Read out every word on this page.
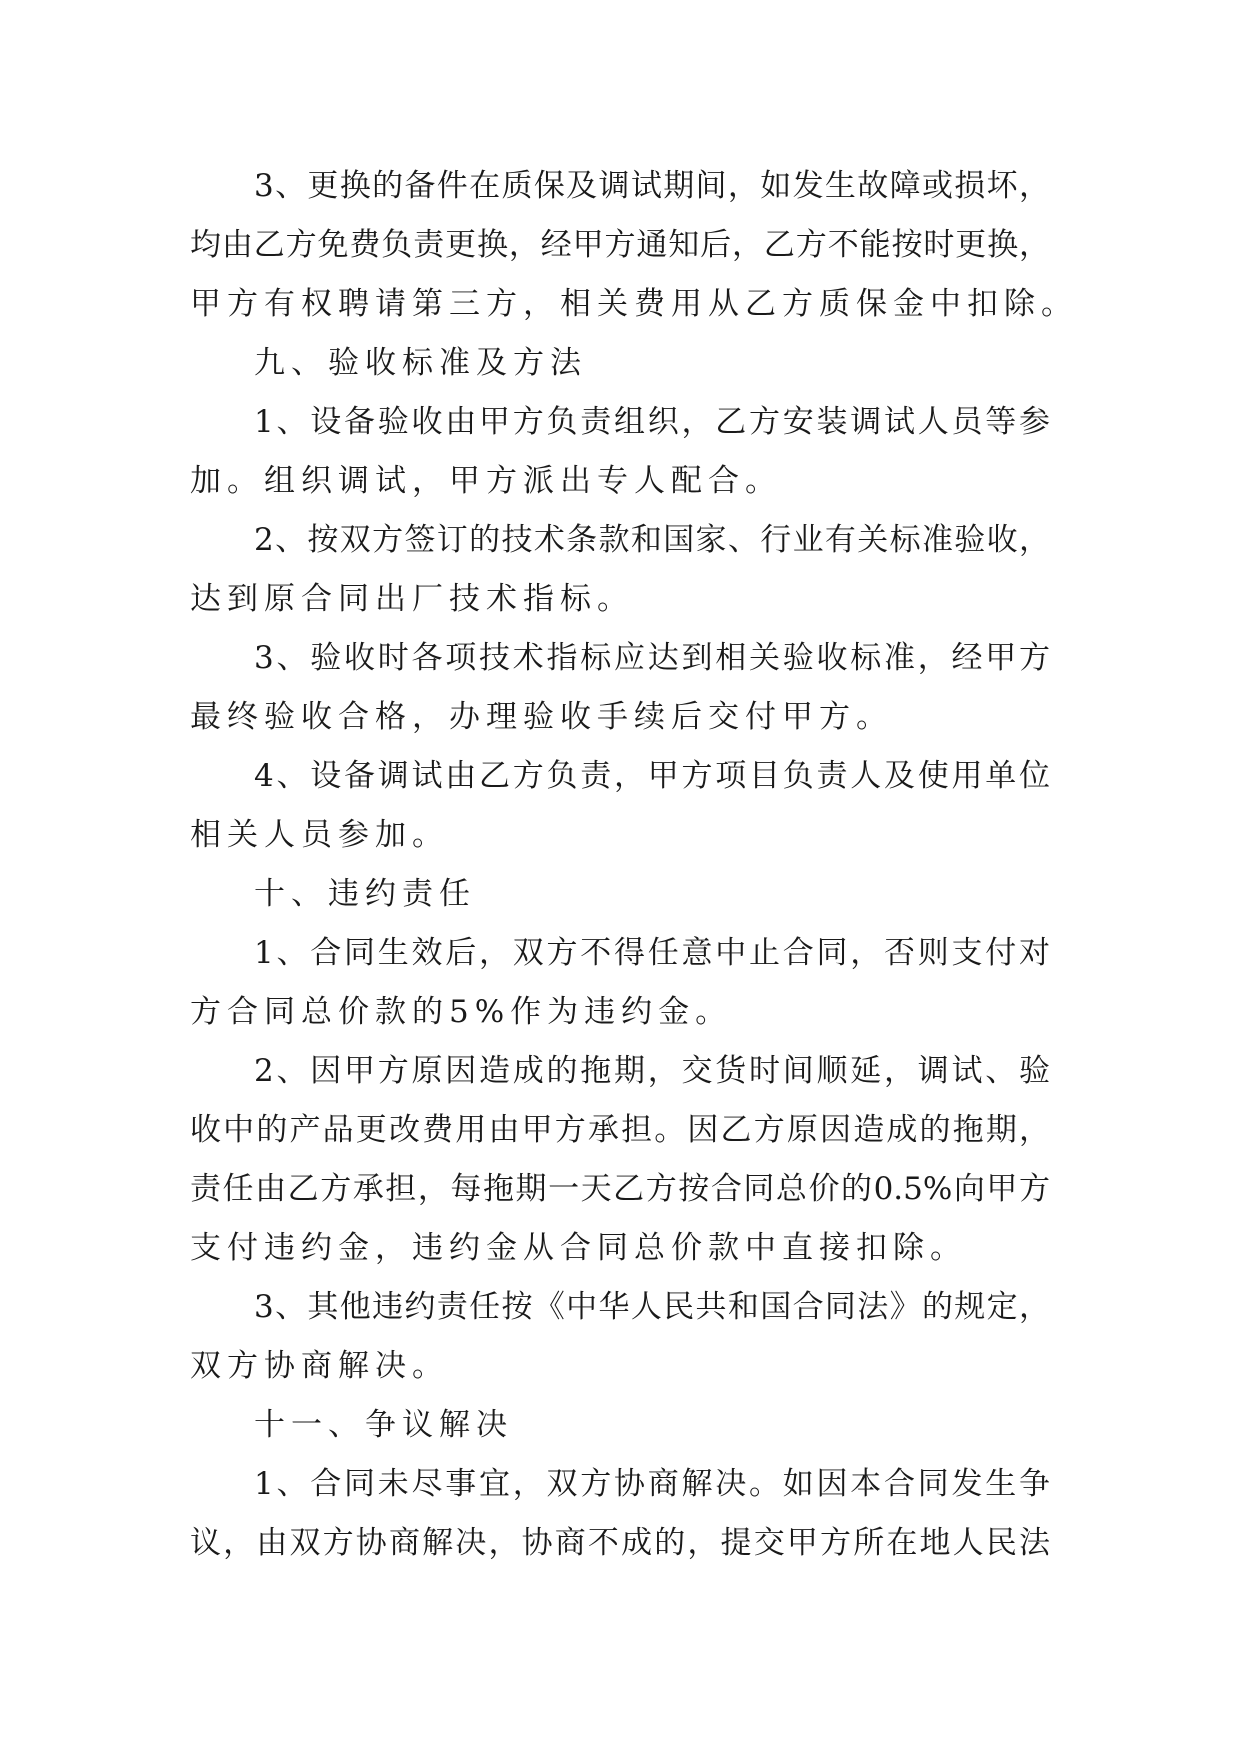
3、更换的备件在质保及调试期间，如发生故障或损坏，
均由乙方免费负责更换，经甲方通知后，乙方不能按时更换，
甲方有权聘请第三方，相关费用从乙方质保金中扣除。
九、验收标准及方法
1、设备验收由甲方负责组织，乙方安装调试人员等参
加。组织调试，甲方派出专人配合。
2、按双方签订的技术条款和国家、行业有关标准验收，
达到原合同出厂技术指标。
3、验收时各项技术指标应达到相关验收标准，经甲方
最终验收合格，办理验收手续后交付甲方。
4、设备调试由乙方负责，甲方项目负责人及使用单位
相关人员参加。
十、违约责任
1、合同生效后，双方不得任意中止合同，否则支付对
方合同总价款的5%作为违约金。
2、因甲方原因造成的拖期，交货时间顺延，调试、验
收中的产品更改费用由甲方承担。因乙方原因造成的拖期，
责任由乙方承担，每拖期一天乙方按合同总价的0.5%向甲方
支付违约金，违约金从合同总价款中直接扣除。
3、其他违约责任按《中华人民共和国合同法》的规定，
双方协商解决。
十一、争议解决
1、合同未尽事宜，双方协商解决。如因本合同发生争
议，由双方协商解决，协商不成的，提交甲方所在地人民法
